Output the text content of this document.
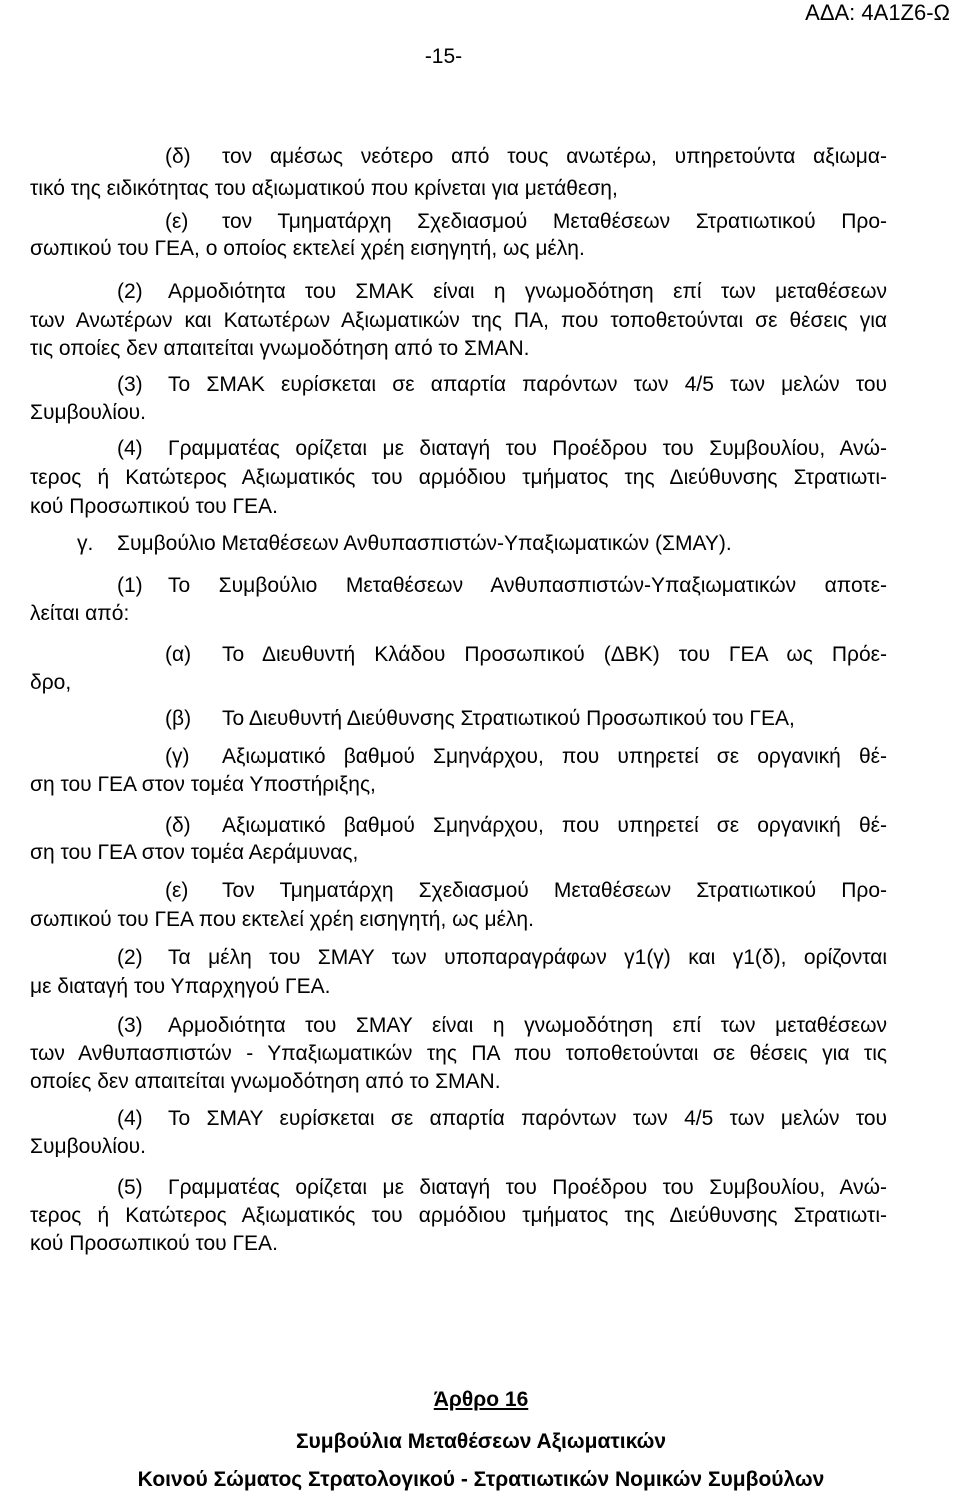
ΑΔΑ: 4Α1Ζ6-Ω
-15-
(δ) τον αμέσως νεότερο από τους ανωτέρω, υπηρετούντα αξιωμα-
τικό της ειδικότητας του αξιωματικού που κρίνεται για μετάθεση,
(ε) τον Τμηματάρχη Σχεδιασμού Μεταθέσεων Στρατιωτικού Προ-
σωπικού του ΓΕΑ, ο οποίος εκτελεί χρέη εισηγητή, ως μέλη.
(2) Αρμοδιότητα του ΣΜΑΚ είναι η γνωμοδότηση επί των μεταθέσεων
των Ανωτέρων και Κατωτέρων Αξιωματικών της ΠΑ, που τοποθετούνται σε θέσεις για
τις οποίες δεν απαιτείται γνωμοδότηση από το ΣΜΑΝ.
(3) Το ΣΜΑΚ ευρίσκεται σε απαρτία παρόντων των 4/5 των μελών του
Συμβουλίου.
(4) Γραμματέας ορίζεται με διαταγή του Προέδρου του Συμβουλίου, Ανώ-
τερος ή Κατώτερος Αξιωματικός του αρμόδιου τμήματος της Διεύθυνσης Στρατιωτι-
κού Προσωπικού του ΓΕΑ.
γ. Συμβούλιο Μεταθέσεων Ανθυπασπιστών-Υπαξιωματικών (ΣΜΑΥ).
(1) Το Συμβούλιο Μεταθέσεων Ανθυπασπιστών-Υπαξιωματικών αποτε-
λείται από:
(α) Το Διευθυντή Κλάδου Προσωπικού (ΔΒΚ) του ΓΕΑ ως Πρόε-
δρο,
(β) Το Διευθυντή Διεύθυνσης Στρατιωτικού Προσωπικού του ΓΕΑ,
(γ) Αξιωματικό βαθμού Σμηνάρχου, που υπηρετεί σε οργανική θέ-
ση του ΓΕΑ στον τομέα Υποστήριξης,
(δ) Αξιωματικό βαθμού Σμηνάρχου, που υπηρετεί σε οργανική θέ-
ση του ΓΕΑ στον τομέα Αεράμυνας,
(ε) Τον Τμηματάρχη Σχεδιασμού Μεταθέσεων Στρατιωτικού Προ-
σωπικού του ΓΕΑ που εκτελεί χρέη εισηγητή, ως μέλη.
(2) Τα μέλη του ΣΜΑΥ των υποπαραγράφων γ1(γ) και γ1(δ), ορίζονται
με διαταγή του Υπαρχηγού ΓΕΑ.
(3) Αρμοδιότητα του ΣΜΑΥ είναι η γνωμοδότηση επί των μεταθέσεων
των Ανθυπασπιστών - Υπαξιωματικών της ΠΑ που τοποθετούνται σε θέσεις για τις
οποίες δεν απαιτείται γνωμοδότηση από το ΣΜΑΝ.
(4) Το ΣΜΑΥ ευρίσκεται σε απαρτία παρόντων των 4/5 των μελών του
Συμβουλίου.
(5) Γραμματέας ορίζεται με διαταγή του Προέδρου του Συμβουλίου, Ανώ-
τερος ή Κατώτερος Αξιωματικός του αρμόδιου τμήματος της Διεύθυνσης Στρατιωτι-
κού Προσωπικού του ΓΕΑ.
Άρθρο 16
Συμβούλια Μεταθέσεων Αξιωματικών
Κοινού Σώματος Στρατολογικού - Στρατιωτικών Νομικών Συμβούλων
